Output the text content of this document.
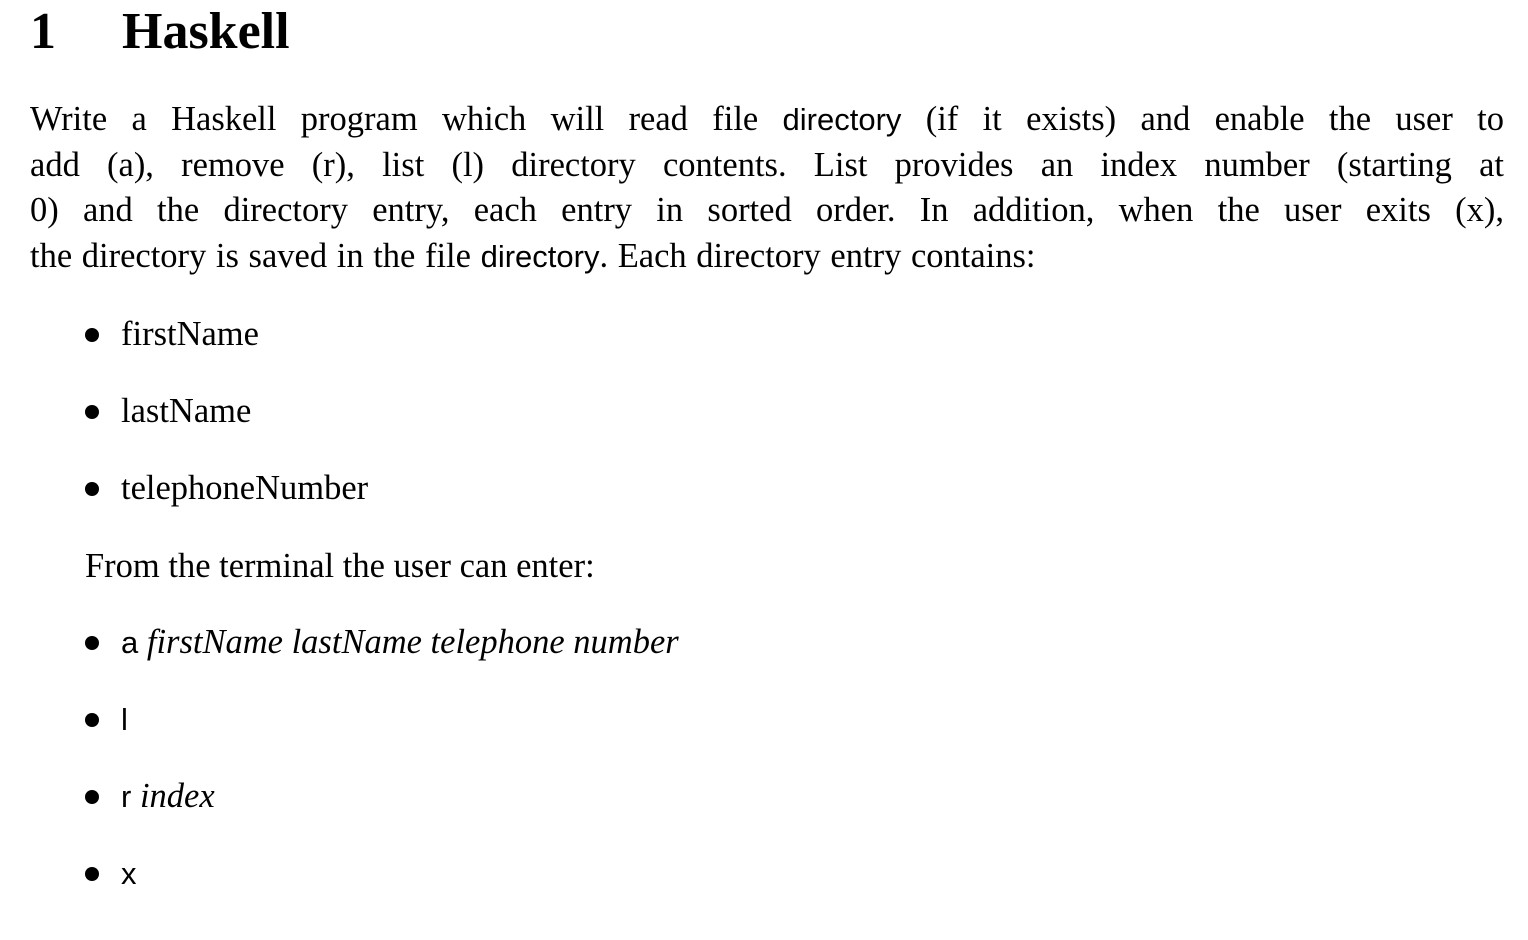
1 Haskell
Write a Haskell program which will read file directory (if it exists) and enable the user to
add (a), remove (r), list (l) directory contents. List provides an index number (starting at
0) and the directory entry, each entry in sorted order. In addition, when the user exits (x),
the directory is saved in the file directory. Each directory entry contains:
firstName
lastName
telephoneNumber
From the terminal the user can enter:
a firstName lastName telephone number
l
r index
x
